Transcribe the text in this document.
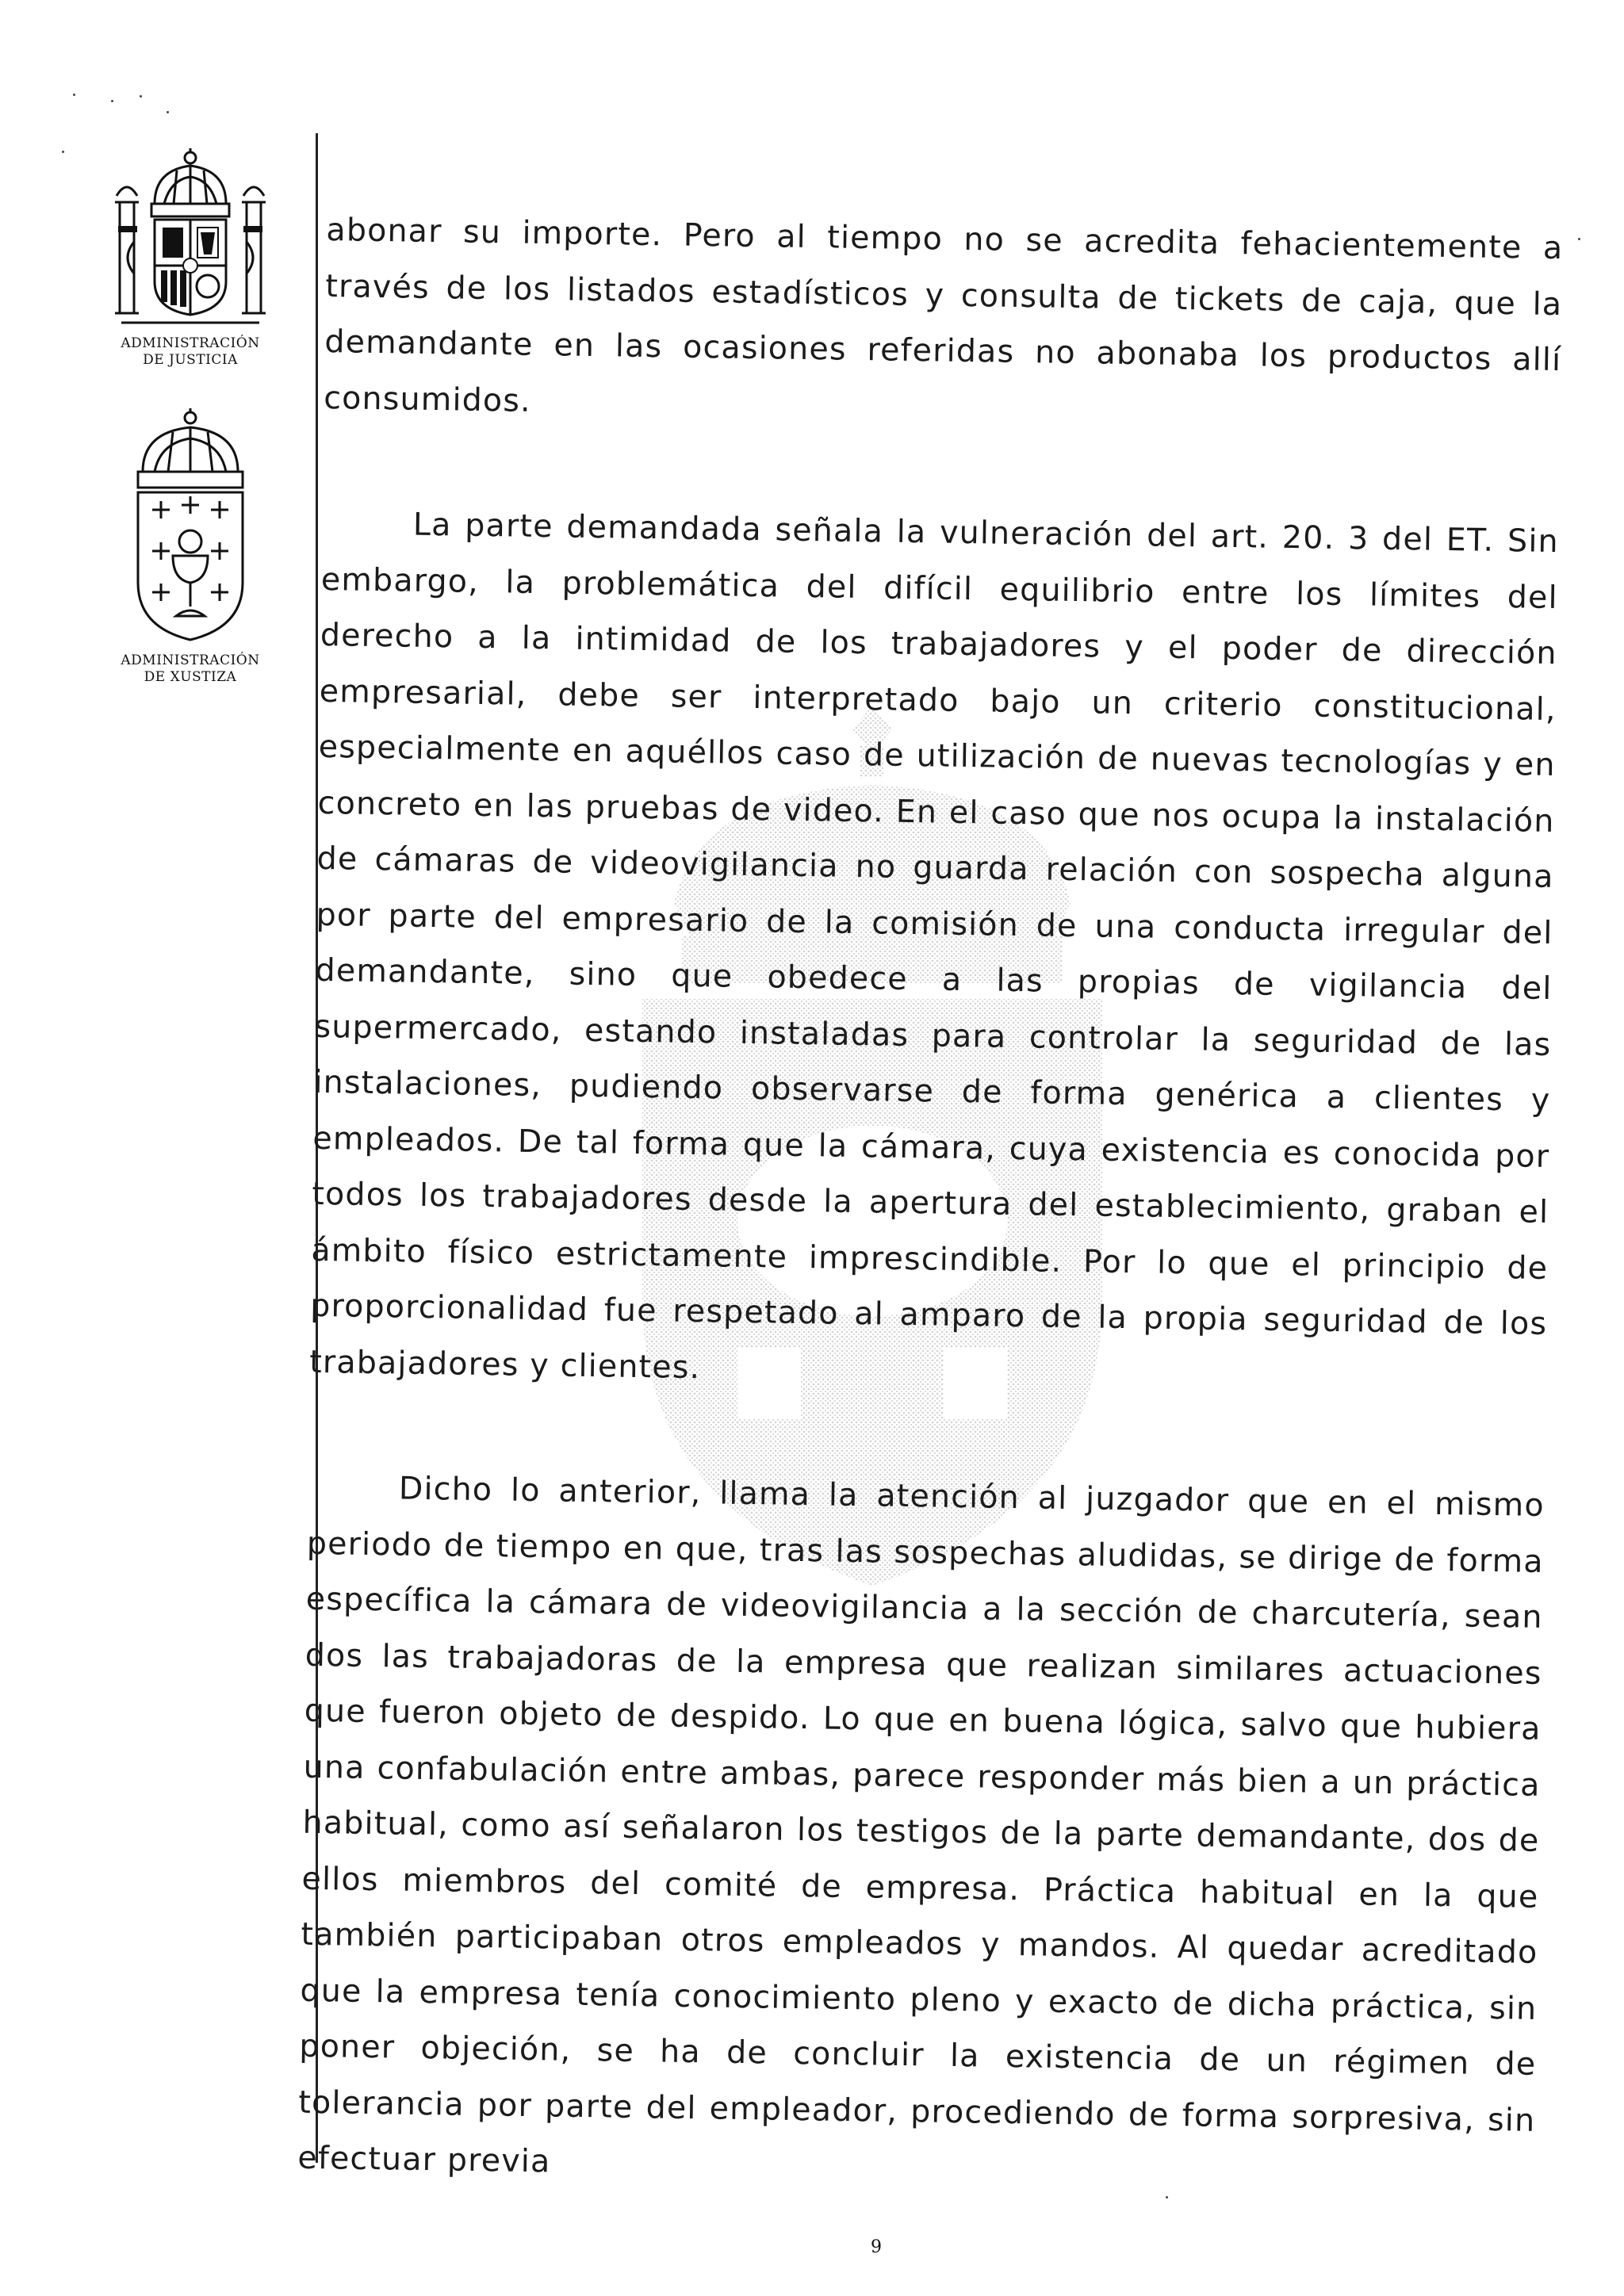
ADMINISTRACIÓN
DE JUSTICIA
ADMINISTRACIÓN
DE XUSTIZA

abonar su importe. Pero al tiempo no se acredita fehacientemente a través de los listados estadísticos y consulta de tickets de caja, que la demandante en las ocasiones referidas no abonaba los productos allí consumidos.

La parte demandada señala la vulneración del art. 20. 3 del ET. Sin embargo, la problemática del difícil equilibrio entre los límites del derecho a la intimidad de los trabajadores y el poder de dirección empresarial, debe ser interpretado bajo un criterio constitucional, especialmente en aquéllos caso de utilización de nuevas tecnologías y en concreto en las pruebas de video. En el caso que nos ocupa la instalación de cámaras de videovigilancia no guarda relación con sospecha alguna por parte del empresario de la comisión de una conducta irregular del demandante, sino que obedece a las propias de vigilancia del supermercado, estando instaladas para controlar la seguridad de las instalaciones, pudiendo observarse de forma genérica a clientes y empleados. De tal forma que la cámara, cuya existencia es conocida por todos los trabajadores desde la apertura del establecimiento, graban el ámbito físico estrictamente imprescindible. Por lo que el principio de proporcionalidad fue respetado al amparo de la propia seguridad de los trabajadores y clientes.

Dicho lo anterior, llama la atención al juzgador que en el mismo periodo de tiempo en que, tras las sospechas aludidas, se dirige de forma específica la cámara de videovigilancia a la sección de charcutería, sean dos las trabajadoras de la empresa que realizan similares actuaciones que fueron objeto de despido. Lo que en buena lógica, salvo que hubiera una confabulación entre ambas, parece responder más bien a un práctica habitual, como así señalaron los testigos de la parte demandante, dos de ellos miembros del comité de empresa. Práctica habitual en la que también participaban otros empleados y mandos. Al quedar acreditado que la empresa tenía conocimiento pleno y exacto de dicha práctica, sin poner objeción, se ha de concluir la existencia de un régimen de tolerancia por parte del empleador, procediendo de forma sorpresiva, sin efectuar previa

9
